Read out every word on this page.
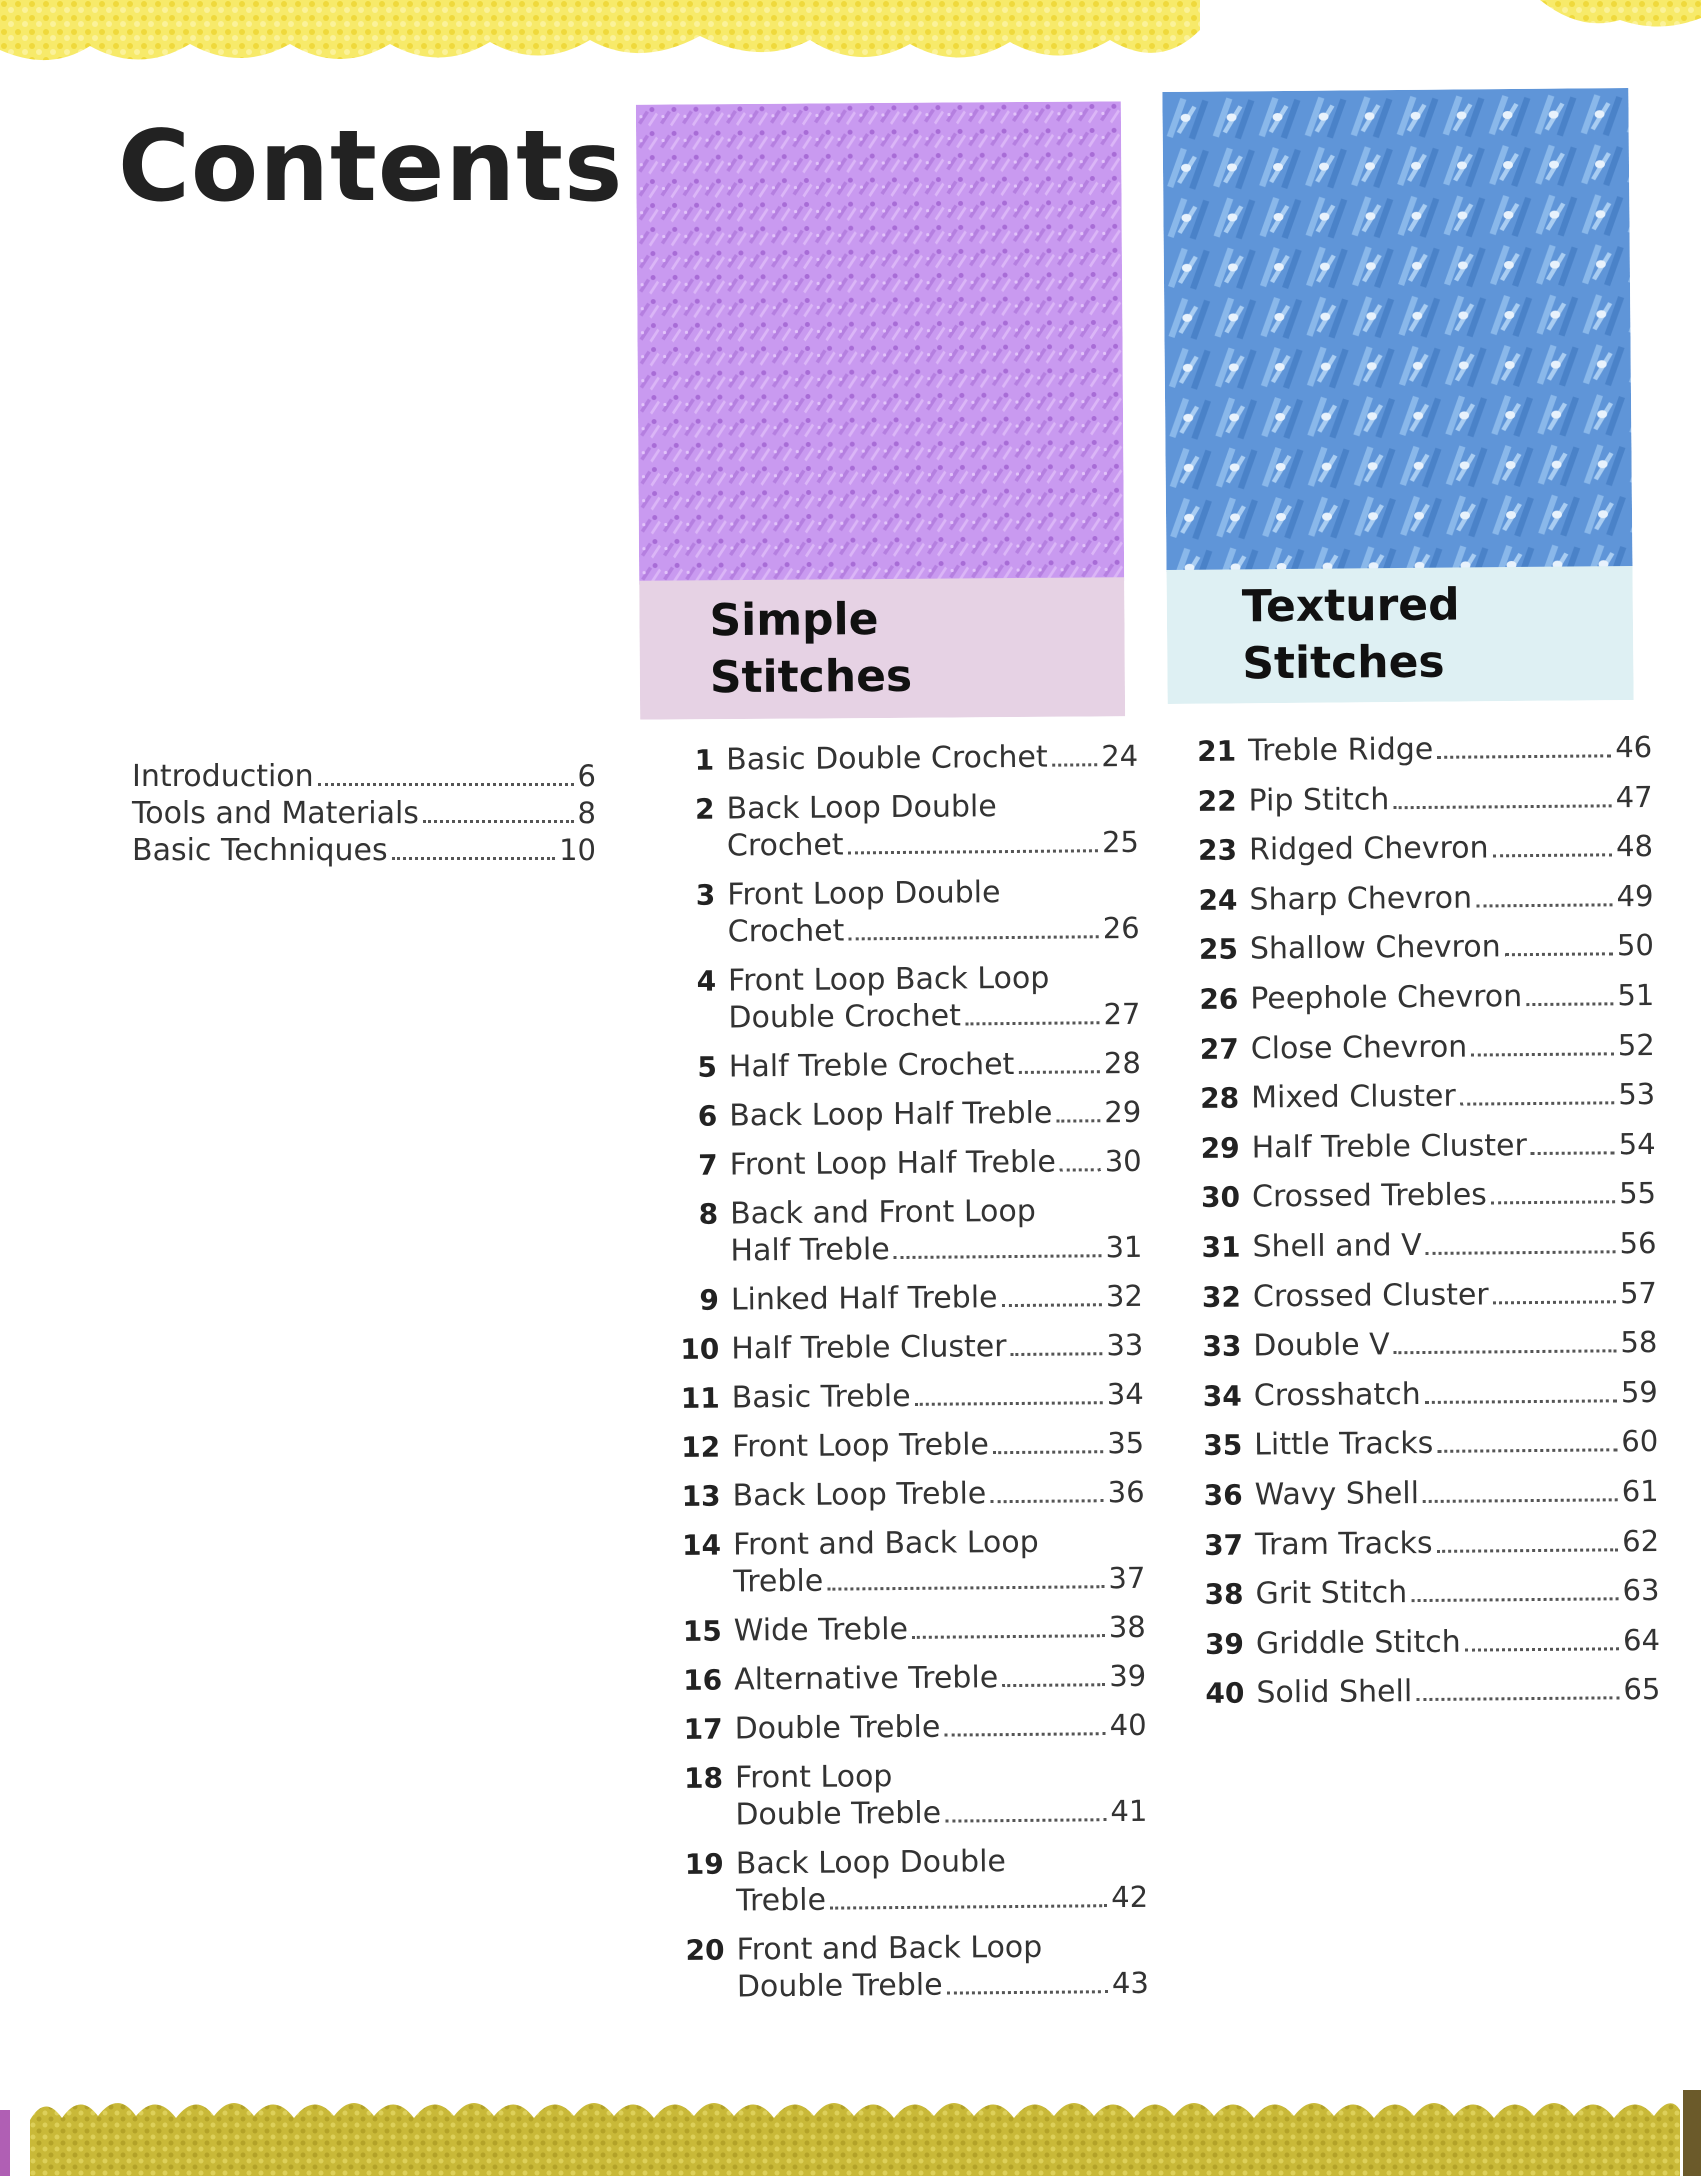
Contents
Simple
Stitches
Textured
Stitches
Introduction	6
Tools and Materials	8
Basic Techniques	10
1 Basic Double Crochet 24
2 Back Loop Double
Crochet	25
3 Front Loop Double
Crochet	26
4 Front Loop Back Loop
Double Crochet	27
5 Half Treble Crochet	28
6 Back Loop Half Treble 29
7 Front Loop Half Treble 30
8 Back and Front Loop
Half Treble	31
9 Linked Half Treble	32
10 Half Treble Cluster	33
11 Basic Treble	34
12 Front Loop Treble	35
13 Back Loop Treble	36
14 Front and Back Loop
Treble	37
15 Wide Treble	38
16 Alternative Treble	39
17 Double Treble	40
18 Front Loop
Double Treble	41
19 Back Loop Double
Treble	42
20 Front and Back Loop
Double Treble	43
21 Treble Ridge	46
22 Pip Stitch	47
23 Ridged Chevron	48
24 Sharp Chevron	49
25 Shallow Chevron	50
26 Peephole Chevron	51
27 Close Chevron	52
28 Mixed Cluster	53
29 Half Treble Cluster	54
30 Crossed Trebles	55
31 Shell and V	56
32 Crossed Cluster	57
33 Double V	58
34 Crosshatch	59
35 Little Tracks	60
36 Wavy Shell	61
37 Tram Tracks	62
38 Grit Stitch	63
39 Griddle Stitch	64
40 Solid Shell	65
